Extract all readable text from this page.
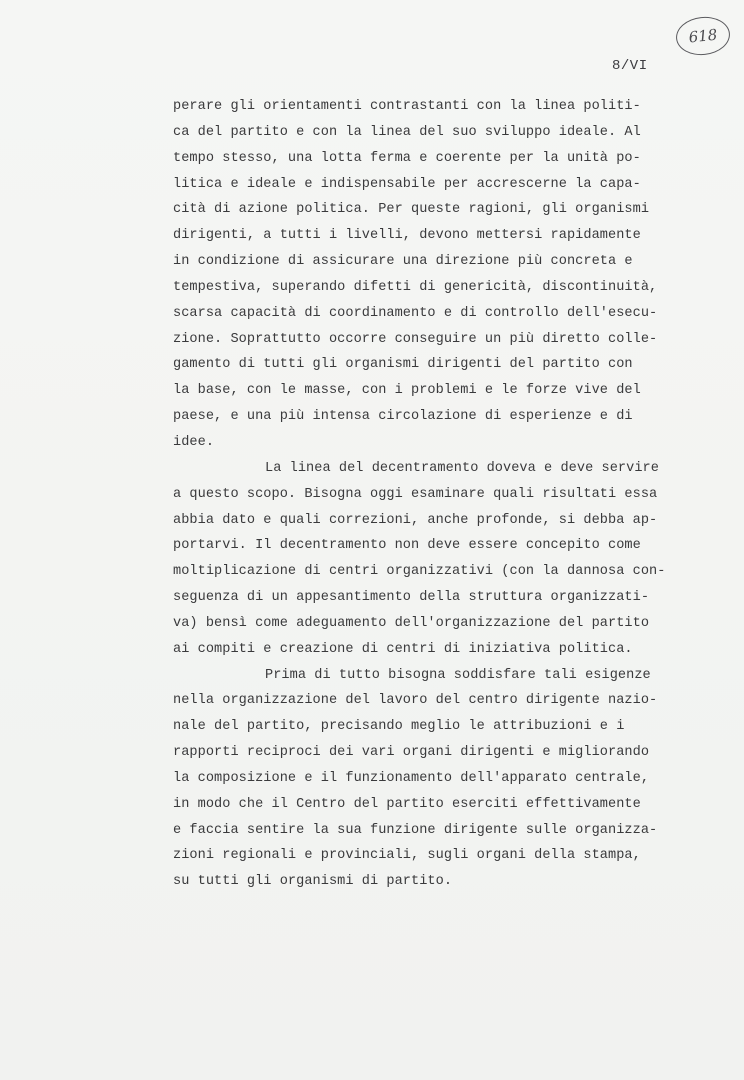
618
8/VI
perare gli orientamenti contrastanti con la linea politi-
ca del partito e con la linea del suo sviluppo ideale. Al
tempo stesso, una lotta ferma e coerente per la unità po-
litica e ideale e indispensabile per accrescerne la capa-
cità di azione politica. Per queste ragioni, gli organismi
dirigenti, a tutti i livelli, devono mettersi rapidamente
in condizione di assicurare una direzione più concreta e
tempestiva, superando difetti di genericità, discontinuità,
scarsa capacità di coordinamento e di controllo dell'esecu-
zione. Soprattutto occorre conseguire un più diretto colle-
gamento di tutti gli organismi dirigenti del partito con
la base, con le masse, con i problemi e le forze vive del
paese, e una più intensa circolazione di esperienze e di
idee.
La linea del decentramento doveva e deve servire
a questo scopo. Bisogna oggi esaminare quali risultati essa
abbia dato e quali correzioni, anche profonde, si debba ap-
portarvi. Il decentramento non deve essere concepito come
moltiplicazione di centri organizzativi (con la dannosa con-
seguenza di un appesantimento della struttura organizzati-
va) bensì come adeguamento dell'organizzazione del partito
ai compiti e creazione di centri di iniziativa politica.
Prima di tutto bisogna soddisfare tali esigenze
nella organizzazione del lavoro del centro dirigente nazio-
nale del partito, precisando meglio le attribuzioni e i
rapporti reciproci dei vari organi dirigenti e migliorando
la composizione e il funzionamento dell'apparato centrale,
in modo che il Centro del partito eserciti effettivamente
e faccia sentire la sua funzione dirigente sulle organizza-
zioni regionali e provinciali, sugli organi della stampa,
su tutti gli organismi di partito.
